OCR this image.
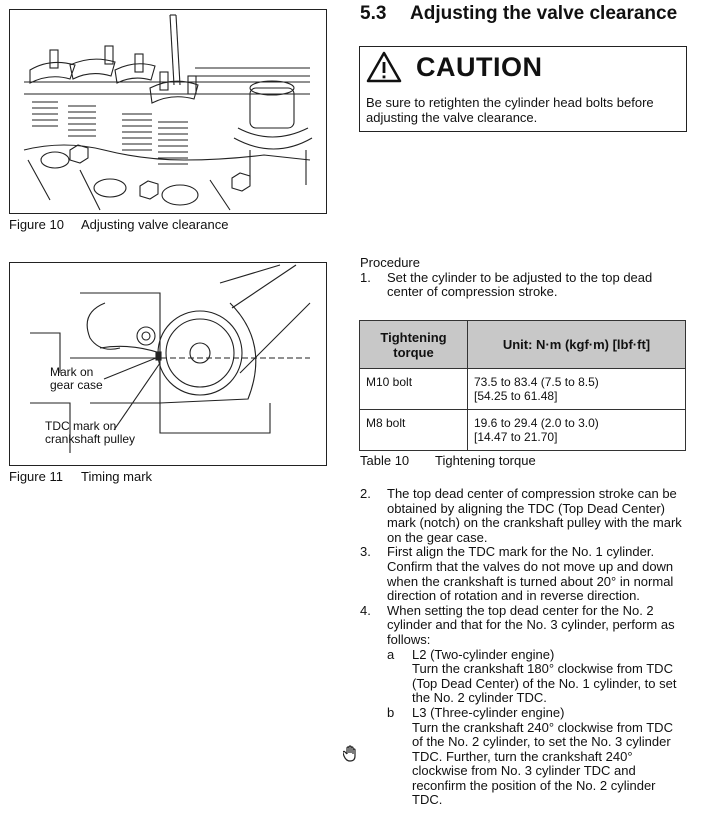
Figure 10 Adjusting valve clearance
Mark on
gear case
TDC mark on
crankshaft pulley
Figure 11 Timing mark
5.3 Adjusting the valve clearance
CAUTION
Be sure to retighten the cylinder head bolts before adjusting the valve clearance.
Procedure
1. Set the cylinder to be adjusted to the top dead center of compression stroke.
Tightening torque	Unit: N·m (kgf·m) [lbf·ft]
M10 bolt	73.5 to 83.4 (7.5 to 8.5)
[54.25 to 61.48]

M8 bolt	19.6 to 29.4 (2.0 to 3.0)
[14.47 to 21.70]
Table 10 Tightening torque
2. The top dead center of compression stroke can be obtained by aligning the TDC (Top Dead Center) mark (notch) on the crankshaft pulley with the mark on the gear case.
3. First align the TDC mark for the No. 1 cylinder. Confirm that the valves do not move up and down when the crankshaft is turned about 20° in normal direction of rotation and in reverse direction.
4. When setting the top dead center for the No. 2 cylinder and that for the No. 3 cylinder, perform as follows:
a L2 (Two-cylinder engine)
Turn the crankshaft 180° clockwise from TDC (Top Dead Center) of the No. 1 cylinder, to set the No. 2 cylinder TDC.
b L3 (Three-cylinder engine)
Turn the crankshaft 240° clockwise from TDC of the No. 2 cylinder, to set the No. 3 cylinder TDC. Further, turn the crankshaft 240° clockwise from No. 3 cylinder TDC and reconfirm the position of the No. 2 cylinder TDC.
